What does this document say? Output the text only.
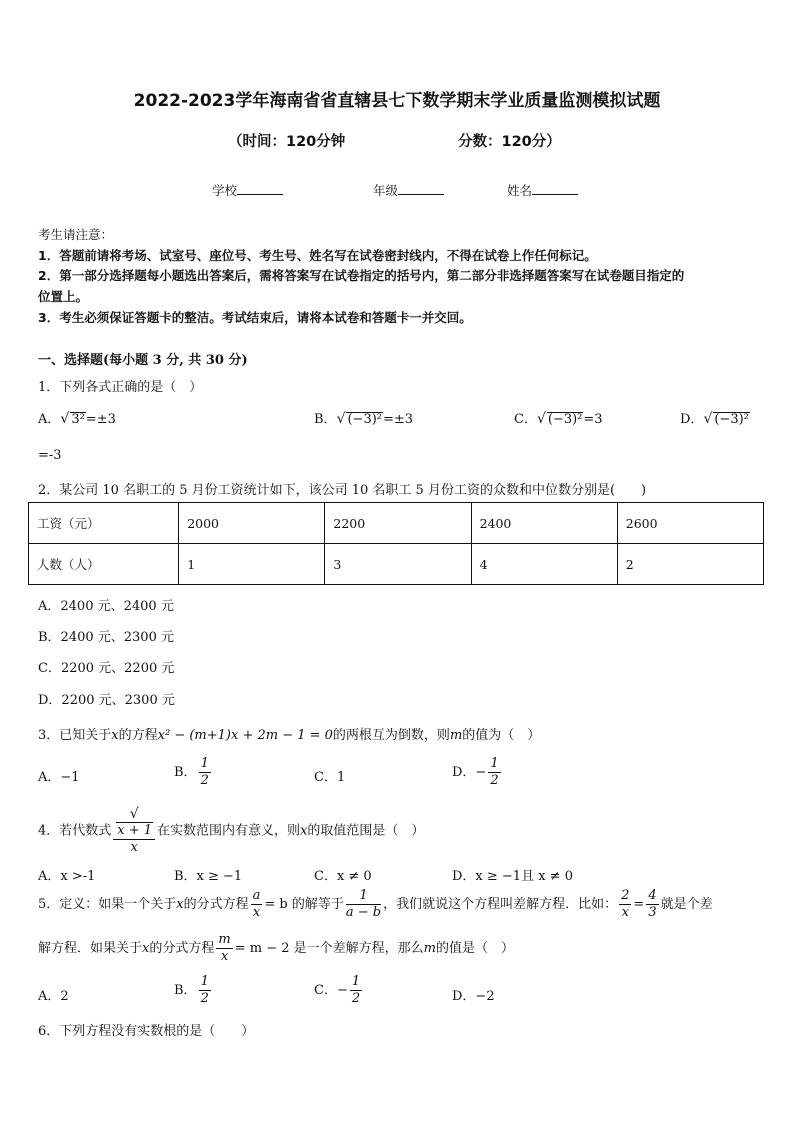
2022-2023学年海南省省直辖县七下数学期末学业质量监测模拟试题
（时间：120分钟	分数：120分）
学校	年级	姓名
考生请注意：
1．答题前请将考场、试室号、座位号、考生号、姓名写在试卷密封线内，不得在试卷上作任何标记。
2．第一部分选择题每小题选出答案后，需将答案写在试卷指定的括号内，第二部分非选择题答案写在试卷题目指定的
位置上。
3．考生必须保证答题卡的整洁。考试结束后，请将本试卷和答题卡一并交回。
一、选择题(每小题 3 分, 共 30 分)
1．下列各式正确的是（　）
A．√ 3²=±3	B．√ (−3)²=±3	C．√ (−3)²=3	D．√ (−3)²
=-3
2．某公司 10 名职工的 5 月份工资统计如下，该公司 10 名职工 5 月份工资的众数和中位数分别是(　　)
工资（元）	2000	2200	2400	2600
人数（人）	1	3	4	2
A．2400 元、2400 元
B．2400 元、2300 元
C．2200 元、2200 元
D．2200 元、2300 元
3．已知关于x的方程x² − (m+1)x + 2m − 1 = 0的两根互为倒数，则m的值为（　）
A．−1	B． $\frac{1}{2}$	C．1	D．− $\frac{1}{2}$
4．若代数式 √
x + 1
x 在实数范围内有意义，则x的取值范围是（　）
A．x >-1	B．x ≥ −1	C．x ≠ 0	D．x ≥ −1且 x ≠ 0
5．定义：如果一个关于x的分式方程 $\frac{a}{x} = b$ 的解等于 $\frac{1}{a - b}$ ，我们就说这个方程叫差解方程．比如： $\frac{2}{x} = \frac{4}{3}$ 就是个差
解方程．如果关于x的分式方程 $\frac{m}{x} = m - 2$ 是一个差解方程，那么m的值是（　）
A．2	B． $\frac{1}{2}$	C．− $\frac{1}{2}$	D．−2
6．下列方程没有实数根的是（　　）
